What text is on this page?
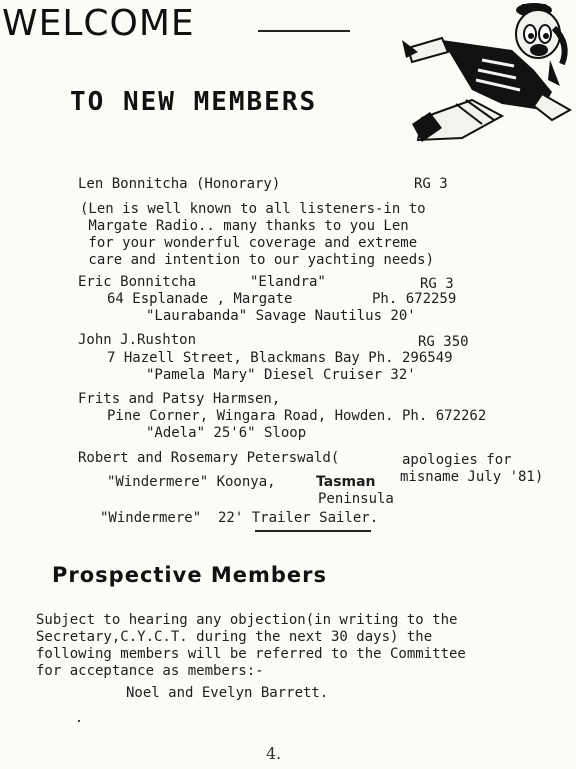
WELCOME
TO NEW MEMBERS
Len Bonnitcha (Honorary)	RG 3
(Len is well known to all listeners-in to
Margate Radio.. many thanks to you Len
for your wonderful coverage and extreme
care and intention to our yachting needs)
Eric Bonnitcha	"Elandra"	RG 3
64 Esplanade , Margate	Ph. 672259
"Laurabanda" Savage Nautilus 20'
John J.Rushton	RG 350
7 Hazell Street, Blackmans Bay Ph. 296549
"Pamela Mary" Diesel Cruiser 32'
Frits and Patsy Harmsen,
Pine Corner, Wingara Road, Howden. Ph. 672262
"Adela" 25'6" Sloop
Robert and Rosemary Peterswald(	apologies for
misname July '81)
"Windermere" Koonya,	Tasman
Peninsula
"Windermere"  22' Trailer Sailer.
Prospective Members
Subject to hearing any objection(in writing to the
Secretary,C.Y.C.T. during the next 30 days) the
following members will be referred to the Committee
for acceptance as members:-
Noel and Evelyn Barrett.
4.
